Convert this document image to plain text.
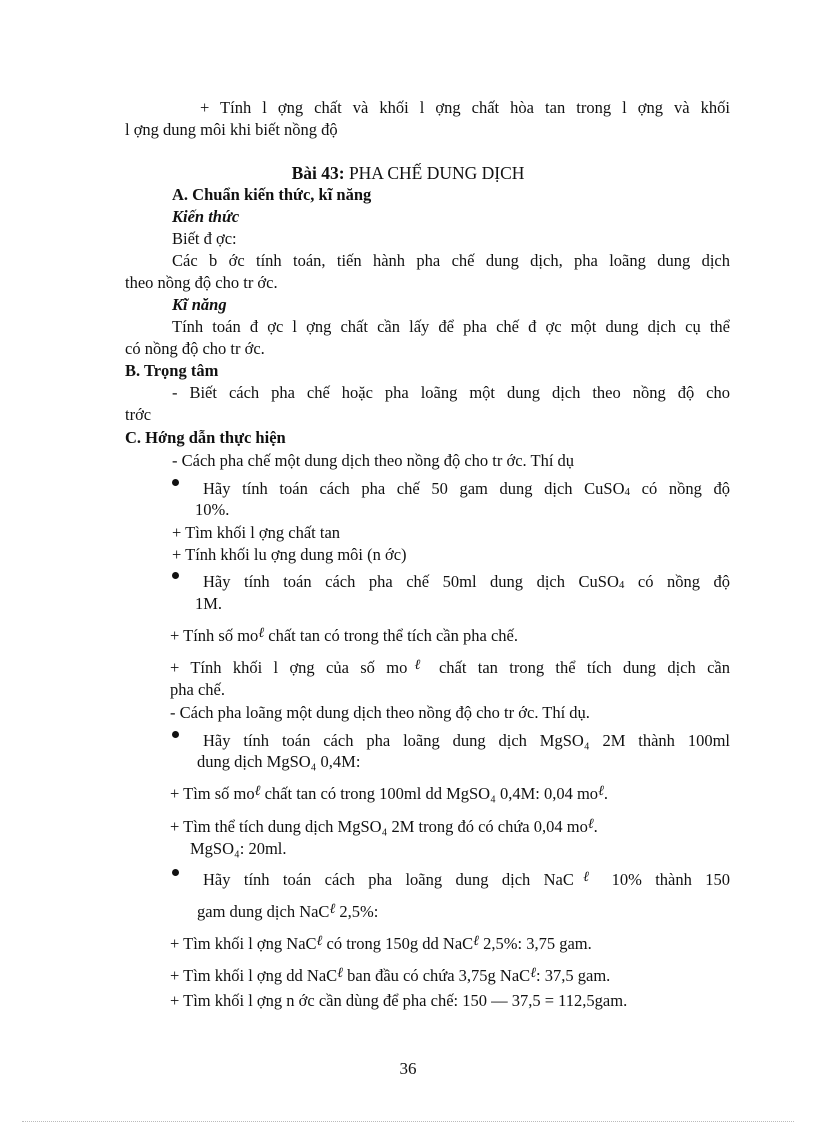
+ Tính l ợng chất và khối l ợng chất hòa tan trong l ợng và khối
l ợng dung môi khi biết nồng độ
Bài 43: PHA CHẾ DUNG DỊCH
A. Chuẩn kiến thức, kĩ năng
Kiến thức
Biết đ ợc:
Các b ớc tính toán, tiến hành pha chế dung dịch, pha loãng dung dịch
theo nồng độ cho tr ớc.
Kĩ năng
Tính toán đ ợc l ợng chất cần lấy để pha chế đ ợc một dung dịch cụ thể
có nồng độ cho tr ớc.
B. Trọng tâm
- Biết cách pha chế hoặc pha loãng một dung dịch theo nồng độ cho
trớc
C. Hớng dẫn thực hiện
- Cách pha chế một dung dịch theo nồng độ cho tr ớc. Thí dụ
Hãy tính toán cách pha chế 50 gam dung dịch CuSO4 có nồng độ
10%.
+ Tìm khối l ợng chất tan
+ Tính khối lu ợng dung môi (n ớc)
Hãy tính toán cách pha chế 50ml dung dịch CuSO4 có nồng độ
1M.
+ Tính số $mo^\ell$ chất tan có trong thể tích cần pha chế.
+ Tính khối l ợng của số $mo^\ell$ chất tan trong thể tích dung dịch cần
pha chế.
- Cách pha loãng một dung dịch theo nồng độ cho tr ớc. Thí dụ.
Hãy tính toán cách pha loãng dung dịch MgSO₄ 2M thành 100ml
dung dịch MgSO₄ 0,4M:
+ Tìm số $mo^\ell$ chất tan có trong 100ml dd MgSO₄ 0,4M: 0,04 $mo^\ell$.
+ Tìm thể tích dung dịch MgSO₄ 2M trong đó có chứa 0,04 $mo^\ell$.
MgSO₄: 20ml.
Hãy tính toán cách pha loãng dung dịch NaC$^\ell$ 10% thành 150
gam dung dịch NaC$^\ell$ 2,5%:
+ Tìm khối l ợng NaC$^\ell$ có trong 150g dd NaC$^\ell$ 2,5%: 3,75 gam.
+ Tìm khối l ợng dd NaC$^\ell$ ban đầu có chứa 3,75g NaC$^\ell$: 37,5 gam.
+ Tìm khối l ợng n ớc cần dùng để pha chế: 150 — 37,5 = 112,5gam.
36
